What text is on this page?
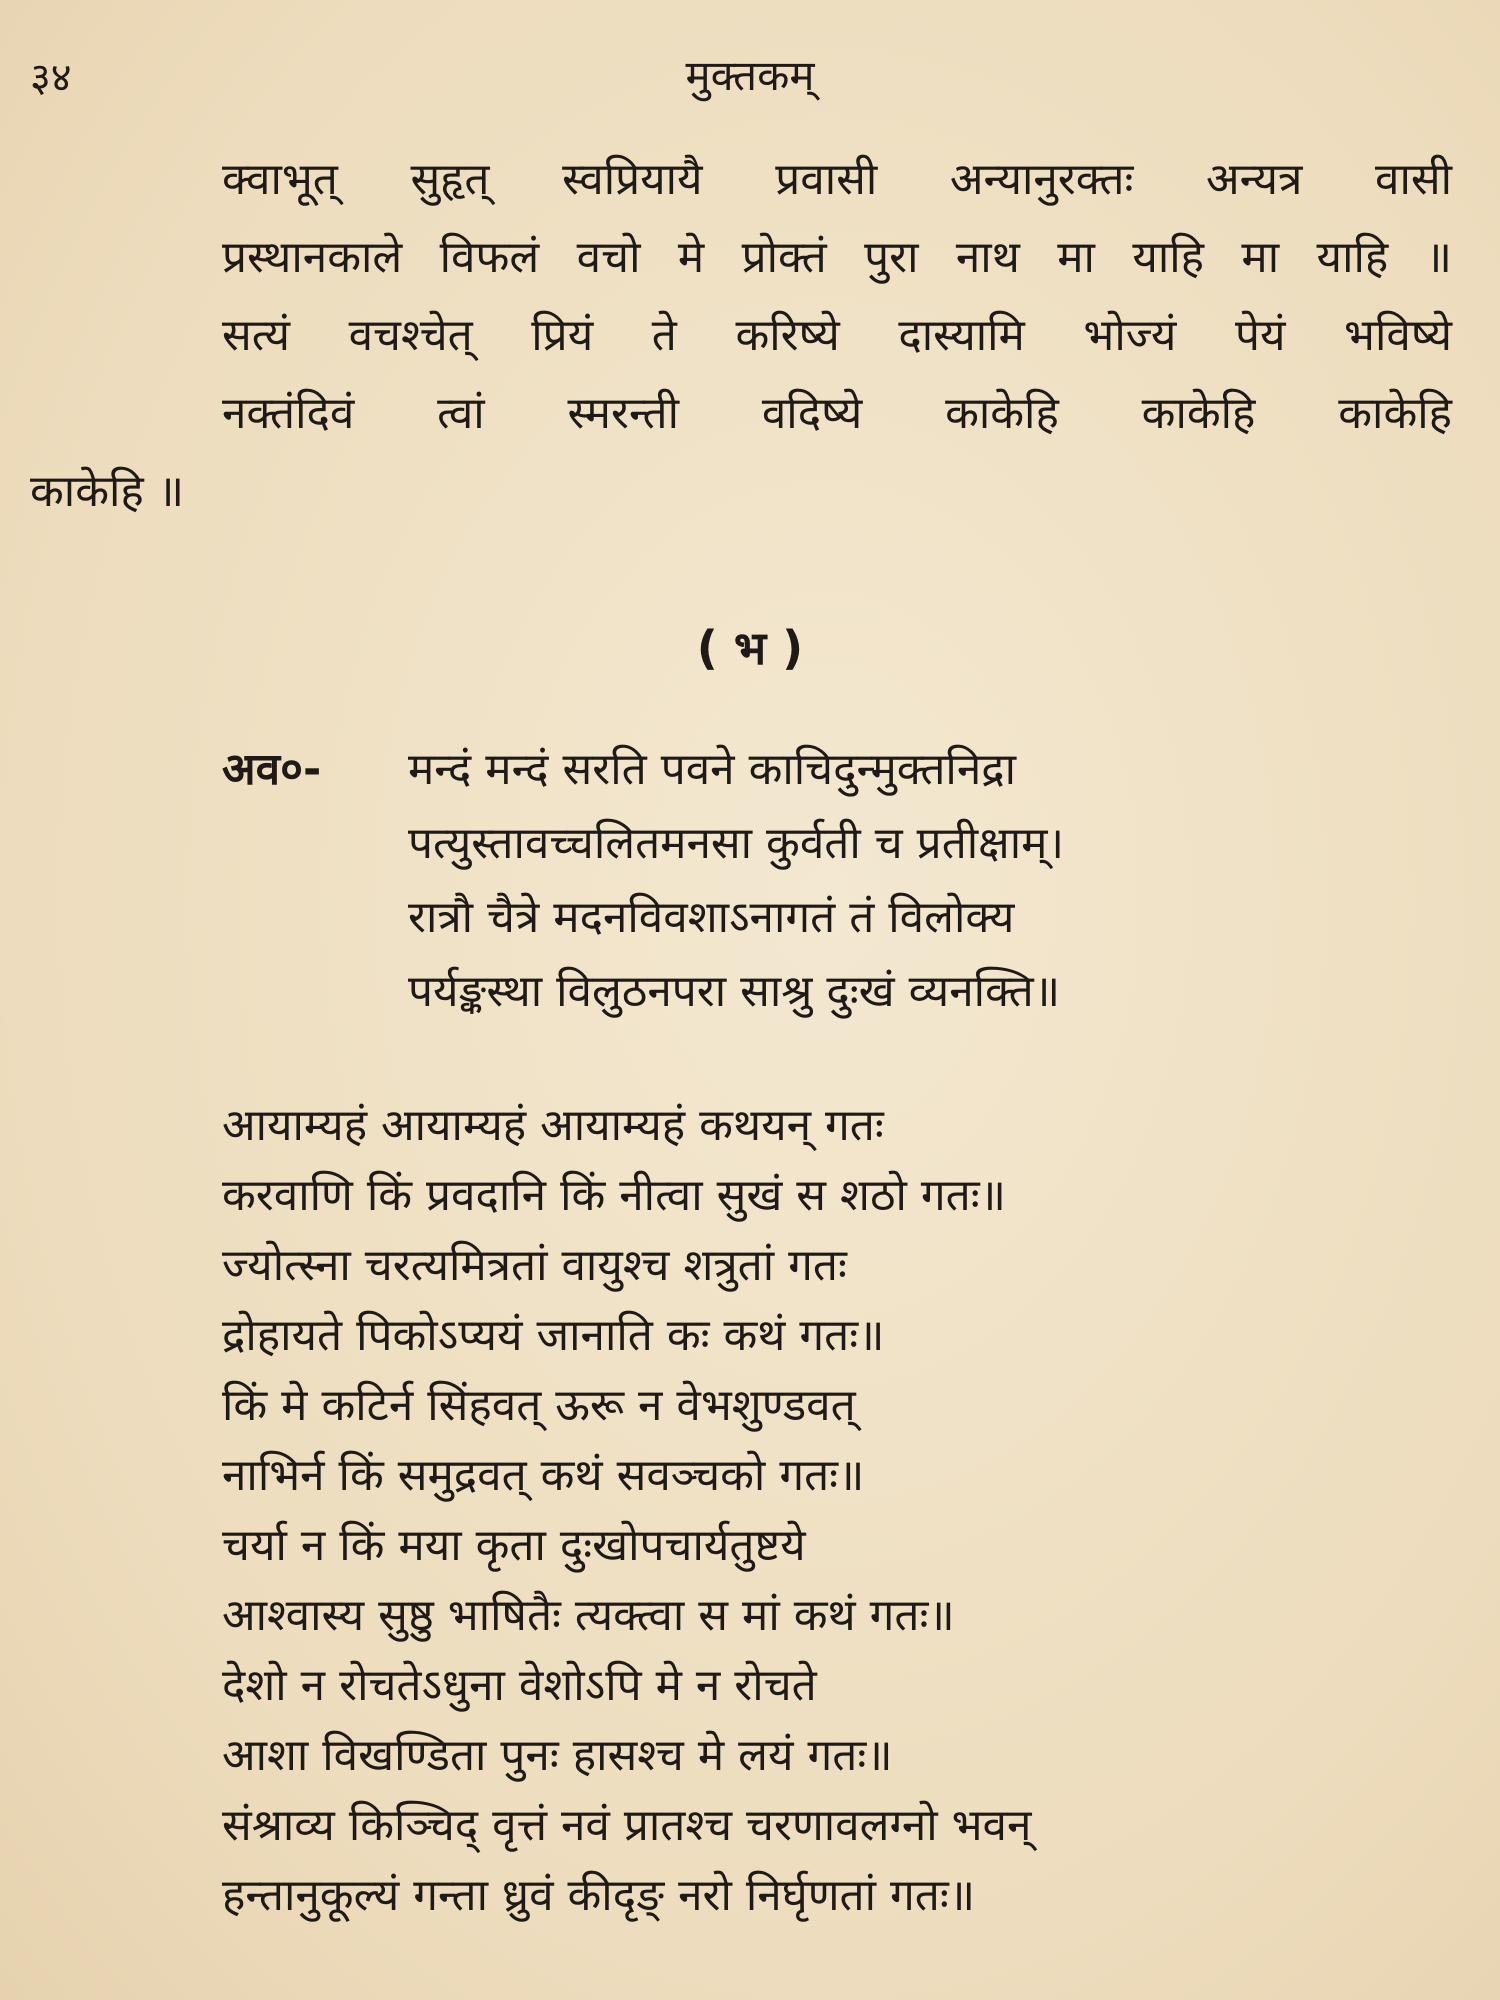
३४	मुक्तकम्
क्वाभूत् सुहृत् स्वप्रियायै प्रवासी अन्यानुरक्तः अन्यत्र वासी
प्रस्थानकाले विफलं वचो मे प्रोक्तं पुरा नाथ मा याहि मा याहि ॥
सत्यं वचश्चेत् प्रियं ते करिष्ये दास्यामि भोज्यं पेयं भविष्ये
नक्तंदिवं त्वां स्मरन्ती वदिष्ये काकेहि काकेहि काकेहि
काकेहि ॥
( भ )
अव०- मन्दं मन्दं सरति पवने काचिदुन्मुक्तनिद्रा
पत्युस्तावच्चलितमनसा कुर्वती च प्रतीक्षाम्।
रात्रौ चैत्रे मदनविवशाऽनागतं तं विलोक्य
पर्यङ्कस्था विलुठनपरा साश्रु दुःखं व्यनक्ति॥
आयाम्यहं आयाम्यहं आयाम्यहं कथयन् गतः
करवाणि किं प्रवदानि किं नीत्वा सुखं स शठो गतः॥
ज्योत्स्ना चरत्यमित्रतां वायुश्च शत्रुतां गतः
द्रोहायते पिकोऽप्ययं जानाति कः कथं गतः॥
किं मे कटिर्न सिंहवत् ऊरू न वेभशुण्डवत्
नाभिर्न किं समुद्रवत् कथं सवञ्चको गतः॥
चर्या न किं मया कृता दुःखोपचार्यतुष्टये
आश्वास्य सुष्ठु भाषितैः त्यक्त्वा स मां कथं गतः॥
देशो न रोचतेऽधुना वेशोऽपि मे न रोचते
आशा विखण्डिता पुनः हासश्च मे लयं गतः॥
संश्राव्य किञ्चिद् वृत्तं नवं प्रातश्च चरणावलग्नो भवन्
हन्तानुकूल्यं गन्ता ध्रुवं कीदृङ् नरो निर्घृणतां गतः॥
